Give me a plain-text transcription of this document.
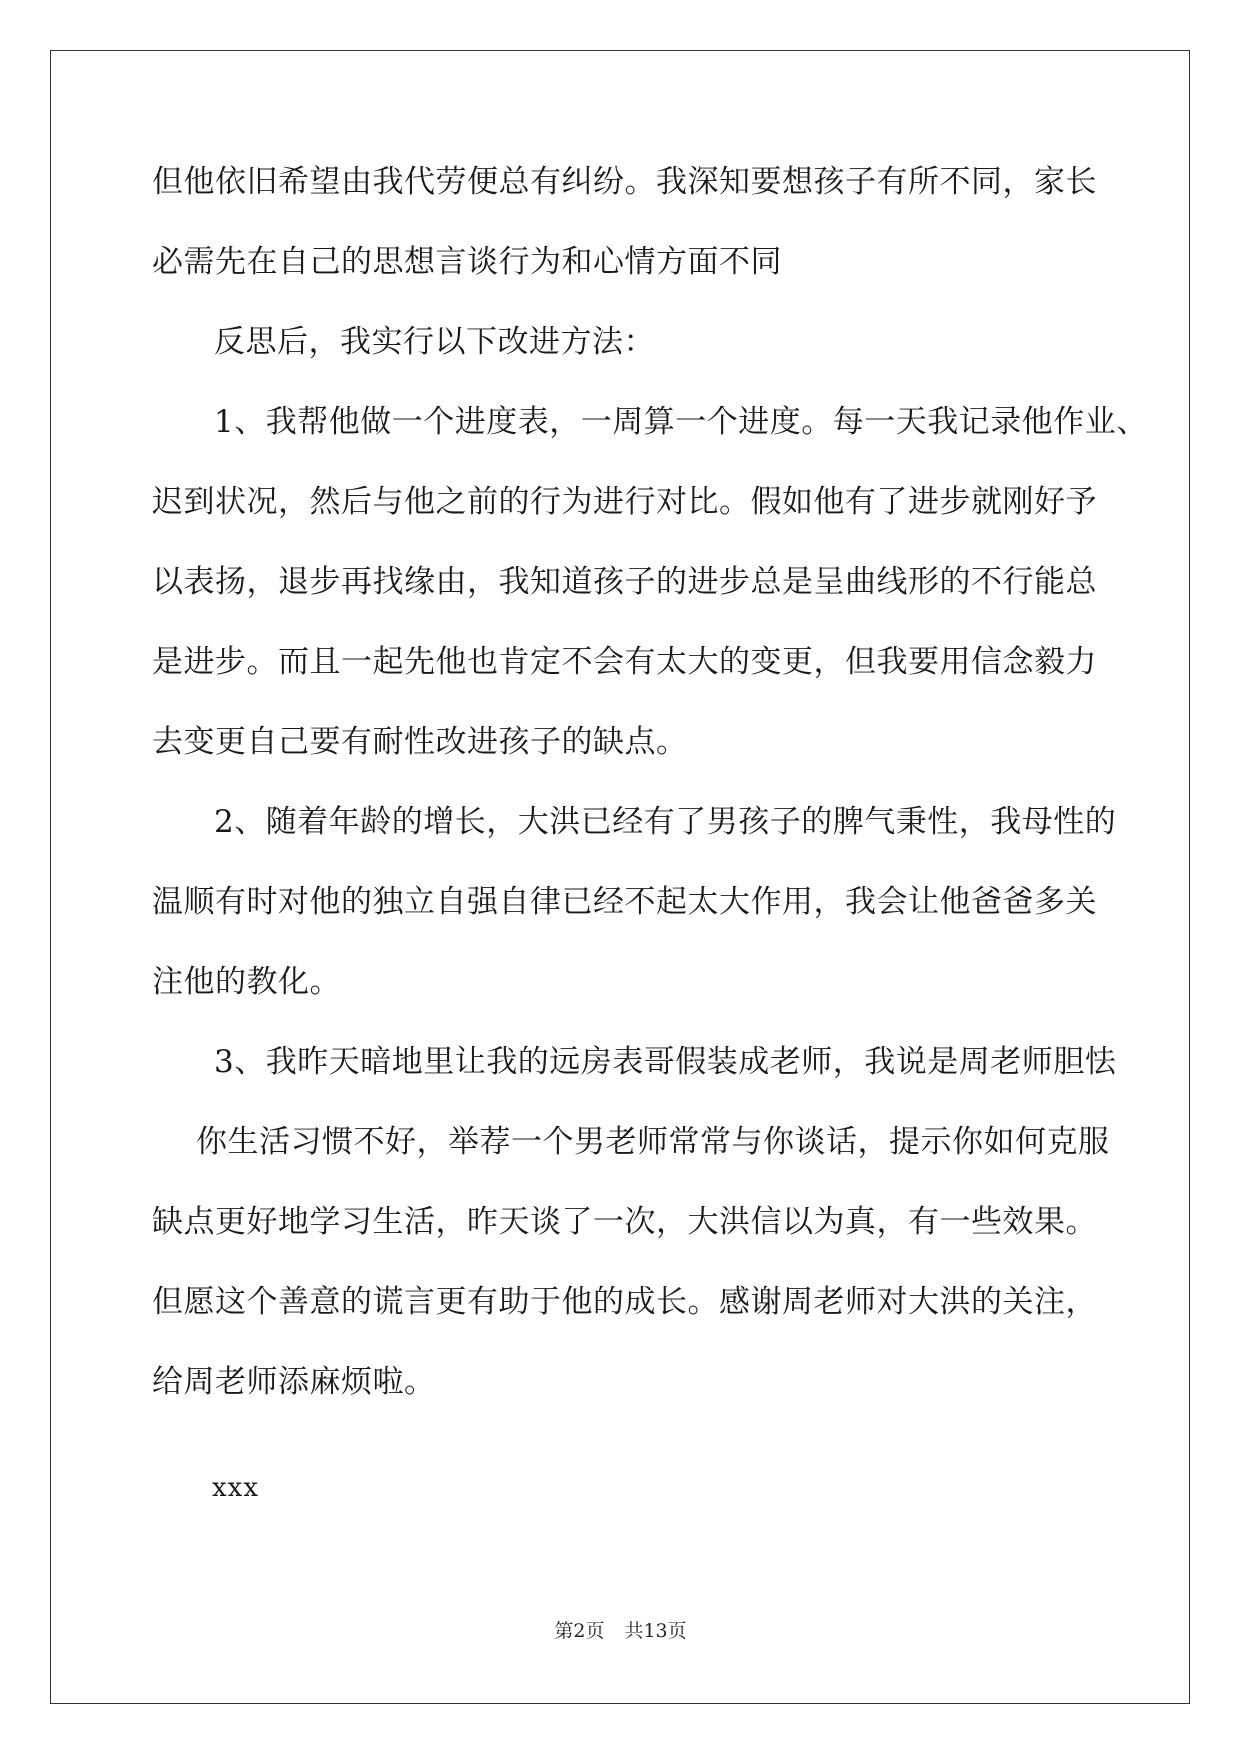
但他依旧希望由我代劳便总有纠纷。我深知要想孩子有所不同，家长
必需先在自己的思想言谈行为和心情方面不同
反思后，我实行以下改进方法：
1、我帮他做一个进度表，一周算一个进度。每一天我记录他作业、
迟到状况，然后与他之前的行为进行对比。假如他有了进步就刚好予
以表扬，退步再找缘由，我知道孩子的进步总是呈曲线形的不行能总
是进步。而且一起先他也肯定不会有太大的变更，但我要用信念毅力
去变更自己要有耐性改进孩子的缺点。
2、随着年龄的增长，大洪已经有了男孩子的脾气秉性，我母性的
温顺有时对他的独立自强自律已经不起太大作用，我会让他爸爸多关
注他的教化。
3、我昨天暗地里让我的远房表哥假装成老师，我说是周老师胆怯
你生活习惯不好，举荐一个男老师常常与你谈话，提示你如何克服
缺点更好地学习生活，昨天谈了一次，大洪信以为真，有一些效果。
但愿这个善意的谎言更有助于他的成长。感谢周老师对大洪的关注，
给周老师添麻烦啦。
xxx
第2页 共13页
